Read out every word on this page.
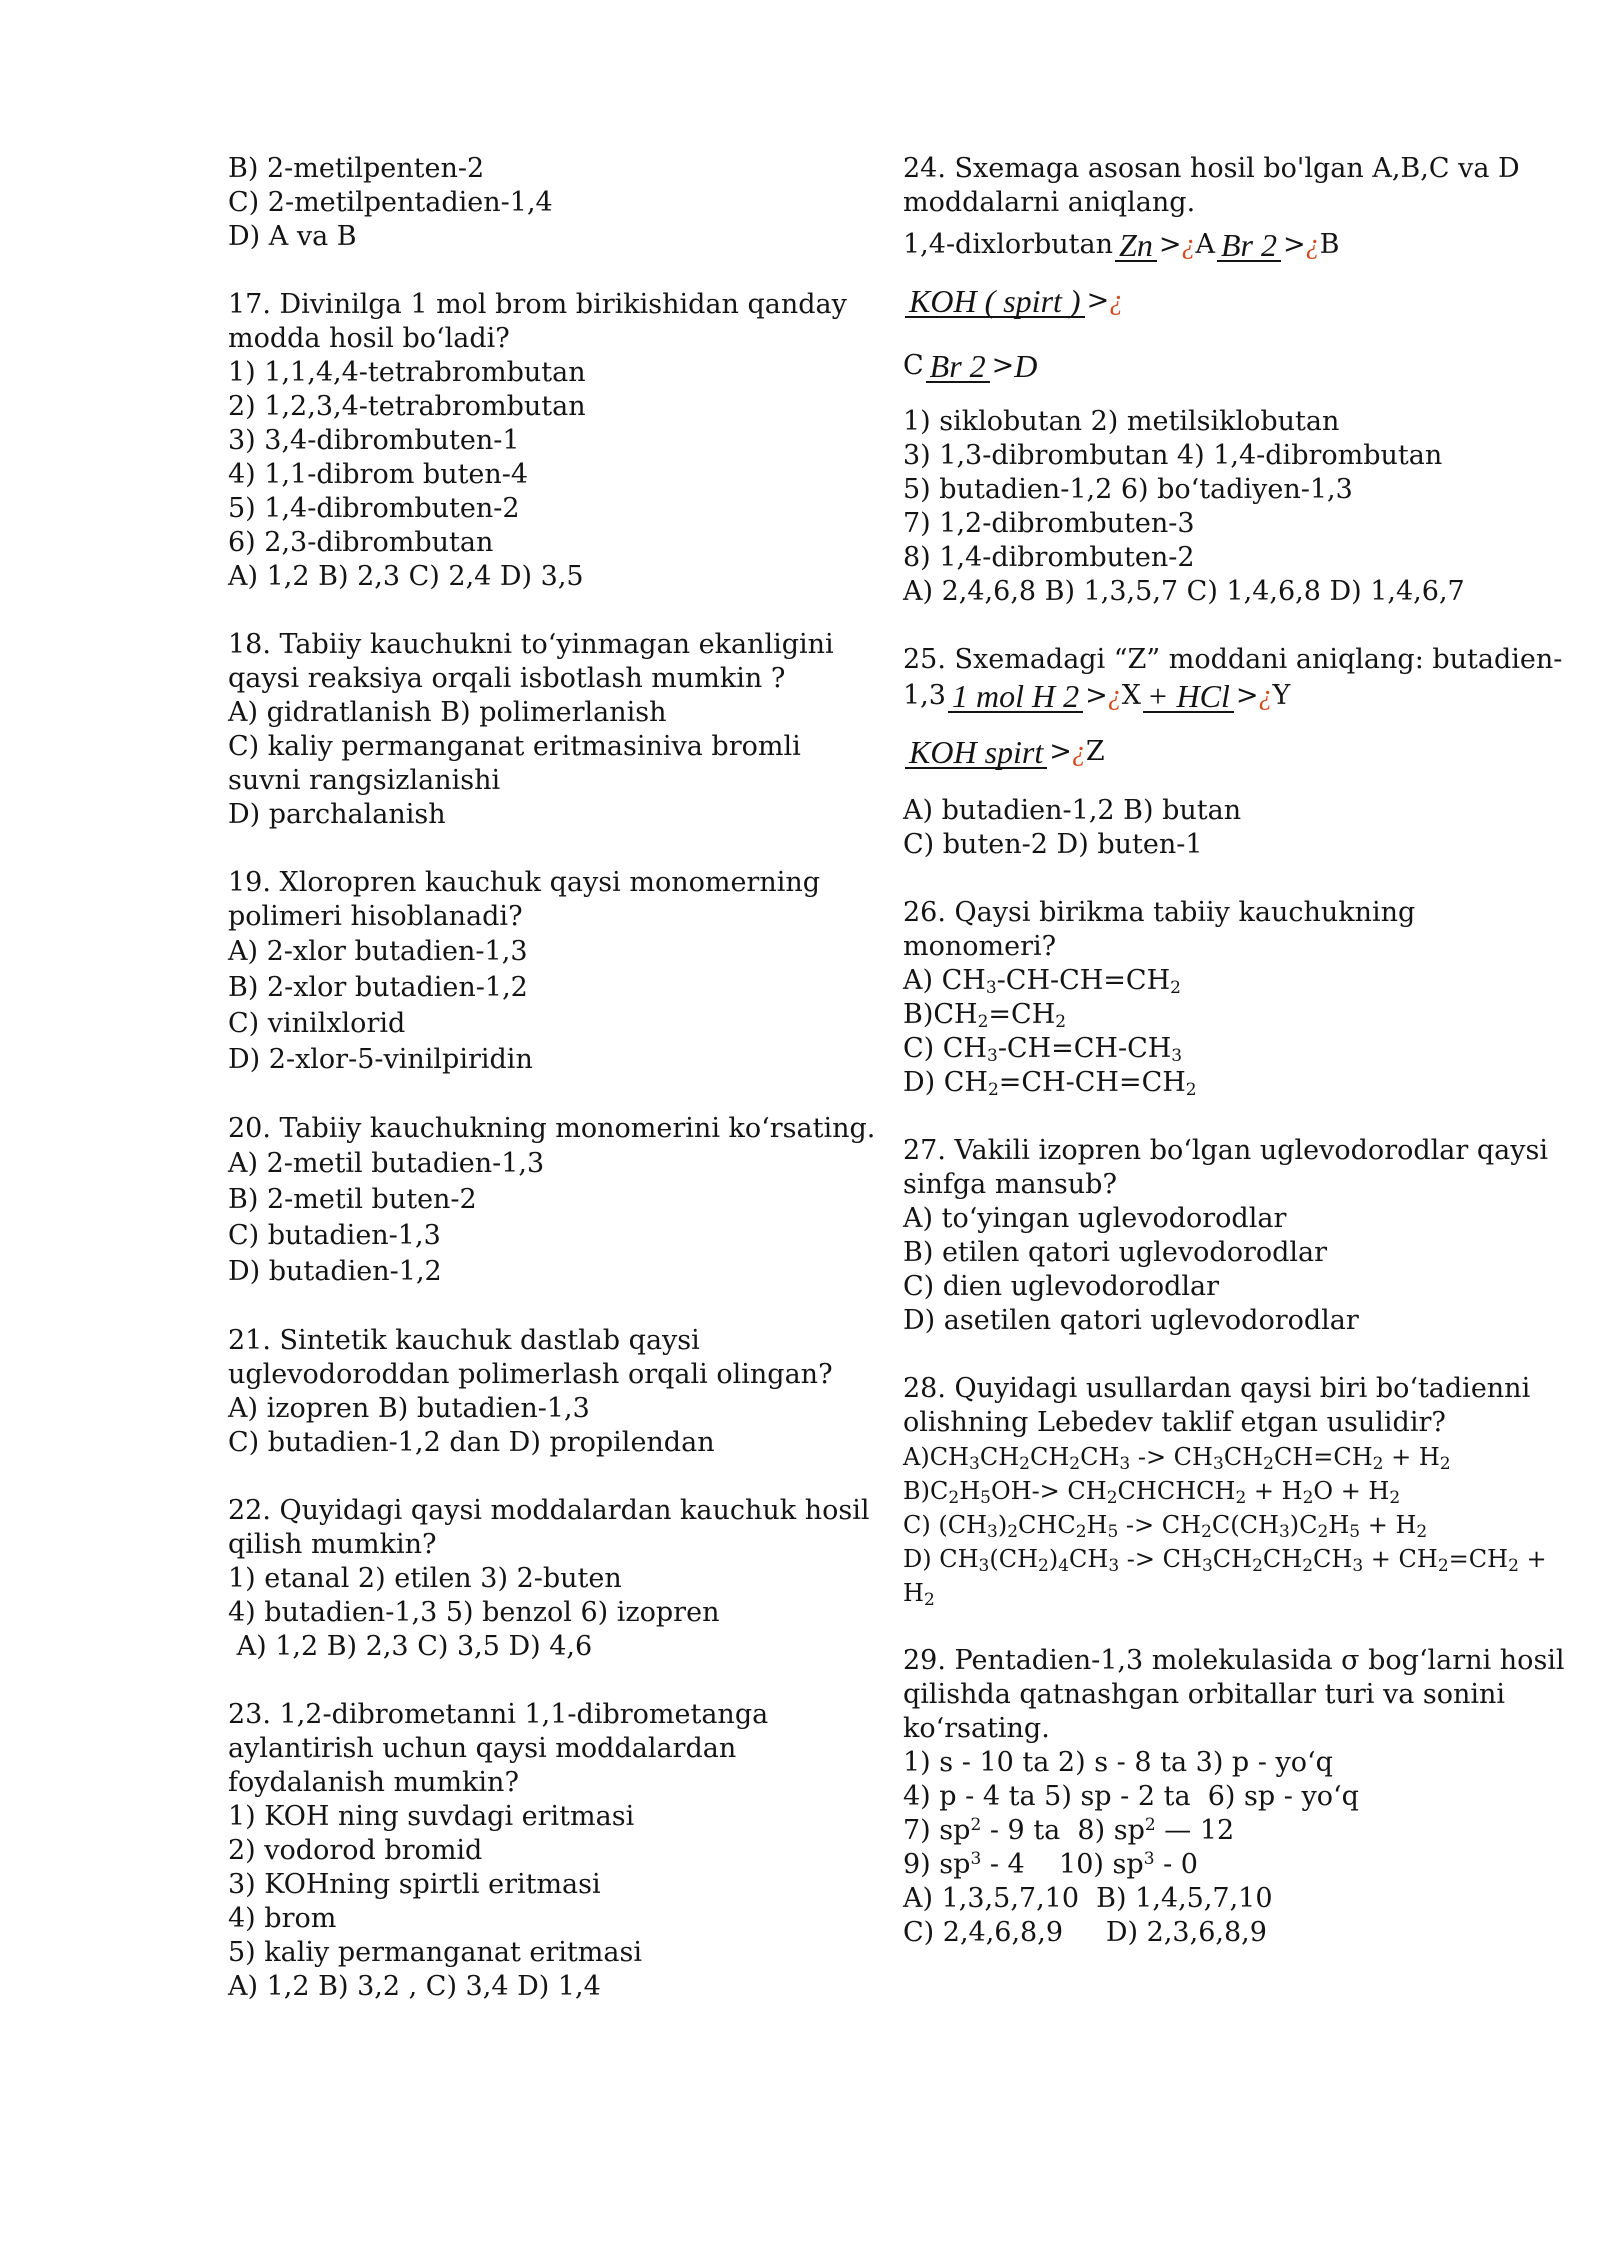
B) 2-metilpenten-2
C) 2-metilpentadien-1,4
D) A va B
17. Divinilga 1 mol brom birikishidan qanday
modda hosil bo‘ladi?
1) 1,1,4,4-tetrabrombutan
2) 1,2,3,4-tetrabrombutan
3) 3,4-dibrombuten-1
4) 1,1-dibrom buten-4
5) 1,4-dibrombuten-2
6) 2,3-dibrombutan
A) 1,2 B) 2,3 C) 2,4 D) 3,5
18. Tabiiy kauchukni to‘yinmagan ekanligini
qaysi reaksiya orqali isbotlash mumkin ?
A) gidratlanish B) polimerlanish
C) kaliy permanganat eritmasiniva bromli
suvni rangsizlanishi
D) parchalanish
19. Xloropren kauchuk qaysi monomerning
polimeri hisoblanadi?
A) 2-xlor butadien-1,3
B) 2-xlor butadien-1,2
C) vinilxlorid
D) 2-xlor-5-vinilpiridin
20. Tabiiy kauchukning monomerini ko‘rsating.
A) 2-metil butadien-1,3
B) 2-metil buten-2
C) butadien-1,3
D) butadien-1,2
21. Sintetik kauchuk dastlab qaysi
uglevodoroddan polimerlash orqali olingan?
A) izopren B) butadien-1,3
C) butadien-1,2 dan D) propilendan
22. Quyidagi qaysi moddalardan kauchuk hosil
qilish mumkin?
1) etanal 2) etilen 3) 2-buten
4) butadien-1,3 5) benzol 6) izopren
A) 1,2 B) 2,3 C) 3,5 D) 4,6
23. 1,2-dibrometanni 1,1-dibrometanga
aylantirish uchun qaysi moddalardan
foydalanish mumkin?
1) KOH ning suvdagi eritmasi
2) vodorod bromid
3) KOHning spirtli eritmasi
4) brom
5) kaliy permanganat eritmasi
A) 1,2 B) 3,2 , C) 3,4 D) 1,4
24. Sxemaga asosan hosil bo'lgan A,B,C va D
moddalarni aniqlang.
1,4-dixlorbutan Zn > ¿ A Br 2 > ¿ B
KOH ( spirt ) > ¿
C Br 2 > D
1) siklobutan 2) metilsiklobutan
3) 1,3-dibrombutan 4) 1,4-dibrombutan
5) butadien-1,2 6) bo‘tadiyen-1,3
7) 1,2-dibrombuten-3
8) 1,4-dibrombuten-2
A) 2,4,6,8 B) 1,3,5,7 C) 1,4,6,8 D) 1,4,6,7
25. Sxemadagi “Z” moddani aniqlang: butadien-
1,3 1 mol H 2 > ¿ X + HCl > ¿ Y
KOH spirt > ¿ Z
A) butadien-1,2 B) butan
C) buten-2 D) buten-1
26. Qaysi birikma tabiiy kauchukning
monomeri?
A) $CH_3-CH-CH=CH_2$
$B)CH_2=CH_2$
C) $CH_3-CH=CH-CH_3$
D) $CH_2=CH-CH=CH_2$
27. Vakili izopren bo‘lgan uglevodorodlar qaysi
sinfga mansub?
A) to‘yingan uglevodorodlar
B) etilen qatori uglevodorodlar
C) dien uglevodorodlar
D) asetilen qatori uglevodorodlar
28. Quyidagi usullardan qaysi biri bo‘tadienni
olishning Lebedev taklif etgan usulidir?
$A)CH_3CH_2CH_2CH_3 -> CH_3CH_2CH=CH_2 + H_2$
$B)C_2H_5OH->$ $CH_2CHCHCH_2 + H_2O + H_2$
C) $(CH_3)_2CHC_2H_5 -> CH_2C(CH_3)C_2H_5 + H_2$
D) $CH_3(CH_2)_4CH_3 -> CH_3CH_2CH_2CH_3 + CH_2=CH_2$ +
$H_2$
29. Pentadien-1,3 molekulasida σ bog‘larni hosil
qilishda qatnashgan orbitallar turi va sonini
ko‘rsating.
1) s - 10 ta 2) s - 8 ta 3) p - yo‘q
4) p - 4 ta 5) sp - 2 ta  6) sp - yo‘q
7) $sp^2 - 9$ ta  8) $sp^2$ — 12
9) $sp^3 - 4$    10) $sp^3 - 0$
A) 1,3,5,7,10  B) 1,4,5,7,10
C) 2,4,6,8,9     D) 2,3,6,8,9
